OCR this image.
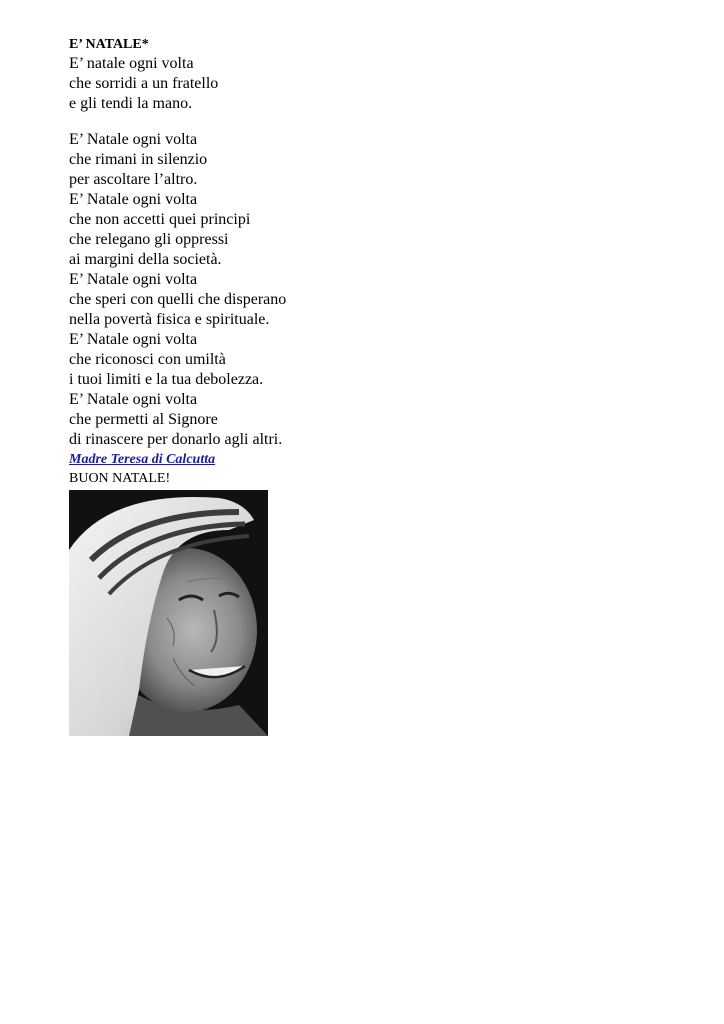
E’ NATALE*

E’ natale ogni volta
che sorridi a un fratello
e gli tendi la mano.
E’ Natale ogni volta
che rimani in silenzio
per ascoltare l’altro.
E’ Natale ogni volta
che non accetti quei principi
che relegano gli oppressi
ai margini della società.
E’ Natale ogni volta
che speri con quelli che disperano
nella povertà fisica e spirituale.
E’ Natale ogni volta
che riconosci con umiltà
i tuoi limiti e la tua debolezza.
E’ Natale ogni volta
che permetti al Signore
di rinascere per donarlo agli altri.
Madre Teresa di Calcutta
BUON NATALE!
